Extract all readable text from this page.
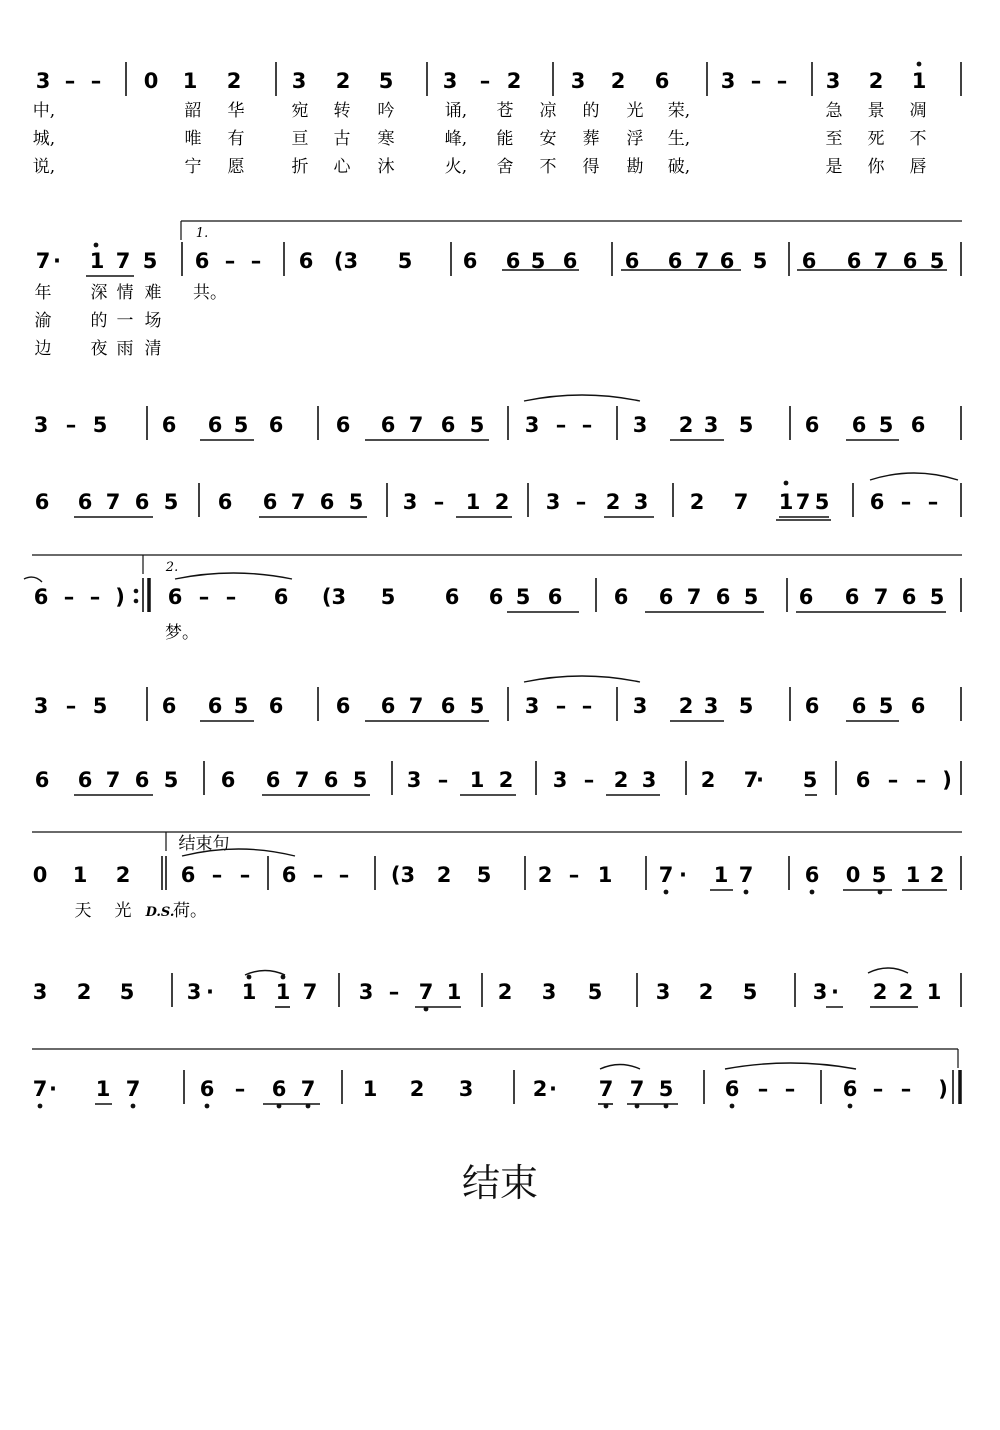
3 – – 0 1 2 3 2 5 3 – 2 3 2 6 3 – – 3 2 1
7 · 1 7 5 6 – – 6 (3 5 6 6 5 6 6 6 7 6 5 6 6 7 6 5
3 – 5	6 6 5 6 6 6 7 6 5 3 – – 3 2 3 5 6 6 5 6
6 6 7 6 5 6 6 7 6 5 3 – 1 2 3 – 2 3 2 7 1 7 5 6 – –
6 – – ) 6 – – 6 (3 5 6 6 5 6 6 6 7 6 5 6 6 7 6 5
3 – 5	6 6 5 6 6 6 7 6 5 3 – – 3 2 3 5 6 6 5 6
6 6 7 6 5 6 6 7 6 5 3 – 1 2 3 – 2 3 2 7
· 5 6 – – )
0 1 2 6 – – 6 – – (3 2 5 2 – 1 7 · 1 7 6 0 5 1 2
3 2 5 3 · 1 1 7 3 – 7 1 2 3 5	3 2 5	3 · 2 2 1
7 · 1 7	6 – 6 7 1 2 3	2 · 7 7 5 6 – – 6 – – )
中,	韶 华	宛 转 吟	诵, 苍 凉 的 光 荣,	急 景 凋
城,	唯 有	亘 古 寒	峰, 能 安 葬 浮 生,	至 死 不
说,	宁 愿	折 心 沐	火, 舍 不 得 勘 破,	是 你 唇
年 深 情 难 共。
渝 的 一 场
边 夜 雨 清
梦。
天 光 荷。
1.
2.
结束句
D.S.
结束
